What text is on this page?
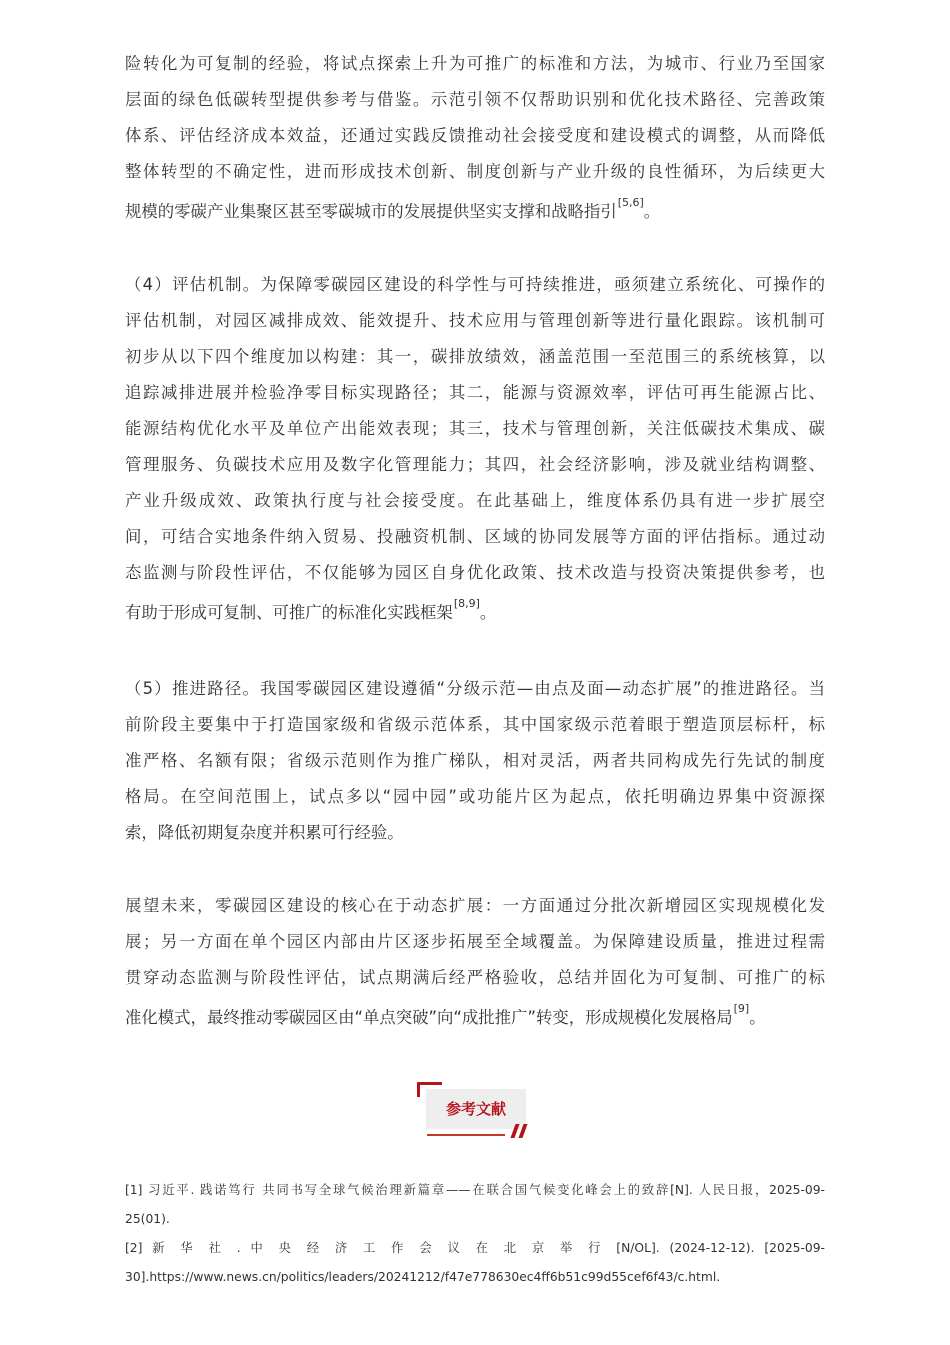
险转化为可复制的经验，将试点探索上升为可推广的标准和方法，为城市、行业乃至国家
层面的绿色低碳转型提供参考与借鉴。示范引领不仅帮助识别和优化技术路径、完善政策
体系、评估经济成本效益，还通过实践反馈推动社会接受度和建设模式的调整，从而降低
整体转型的不确定性，进而形成技术创新、制度创新与产业升级的良性循环，为后续更大
规模的零碳产业集聚区甚至零碳城市的发展提供坚实支撑和战略指引[5,6]。
（4）评估机制。为保障零碳园区建设的科学性与可持续推进，亟须建立系统化、可操作的
评估机制，对园区减排成效、能效提升、技术应用与管理创新等进行量化跟踪。该机制可
初步从以下四个维度加以构建：其一，碳排放绩效，涵盖范围一至范围三的系统核算，以
追踪减排进展并检验净零目标实现路径；其二，能源与资源效率，评估可再生能源占比、
能源结构优化水平及单位产出能效表现；其三，技术与管理创新，关注低碳技术集成、碳
管理服务、负碳技术应用及数字化管理能力；其四，社会经济影响，涉及就业结构调整、
产业升级成效、政策执行度与社会接受度。在此基础上，维度体系仍具有进一步扩展空
间，可结合实地条件纳入贸易、投融资机制、区域的协同发展等方面的评估指标。通过动
态监测与阶段性评估，不仅能够为园区自身优化政策、技术改造与投资决策提供参考，也
有助于形成可复制、可推广的标准化实践框架[8,9]。
（5）推进路径。我国零碳园区建设遵循“分级示范—由点及面—动态扩展”的推进路径。当
前阶段主要集中于打造国家级和省级示范体系，其中国家级示范着眼于塑造顶层标杆，标
准严格、名额有限；省级示范则作为推广梯队，相对灵活，两者共同构成先行先试的制度
格局。在空间范围上，试点多以“园中园”或功能片区为起点，依托明确边界集中资源探
索，降低初期复杂度并积累可行经验。
展望未来，零碳园区建设的核心在于动态扩展：一方面通过分批次新增园区实现规模化发
展；另一方面在单个园区内部由片区逐步拓展至全域覆盖。为保障建设质量，推进过程需
贯穿动态监测与阶段性评估，试点期满后经严格验收，总结并固化为可复制、可推广的标
准化模式，最终推动零碳园区由“单点突破”向“成批推广”转变，形成规模化发展格局[9]。
参考文献
[1] 习近平. 践诺笃行 共同书写全球气候治理新篇章——在联合国气候变化峰会上的致辞[N]. 人民日报，2025-09-
25(01).
[2] 新 华 社 . 中 央 经 济 工 作 会 议 在 北 京 举 行 [N/OL]. (2024-12-12). [2025-09-
30].https://www.news.cn/politics/leaders/20241212/f47e778630ec4ff6b51c99d55cef6f43/c.html.
